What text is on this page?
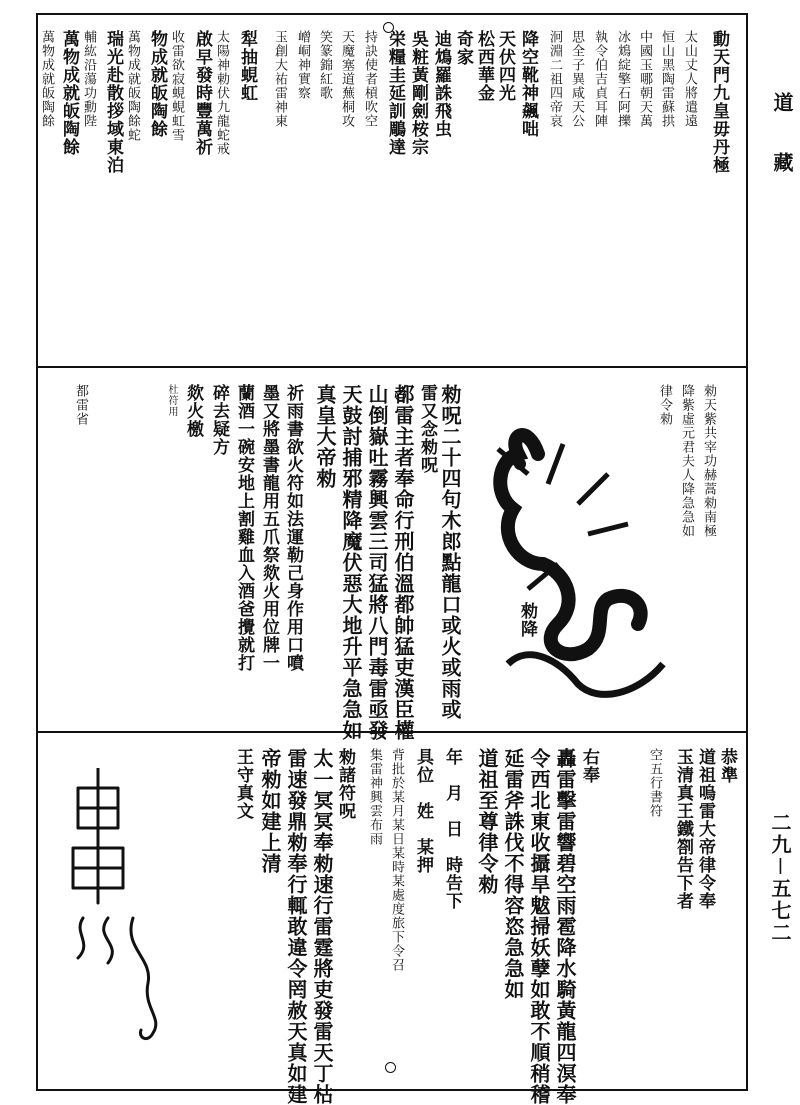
道藏
二九－五七二
動天門九皇毋丹極
太山丈人將遣遠
恒山黑陶雷蘇拱
中國玉哪朝天萬
冰鴆綻擎石阿擽
執令伯吉貞耳陣
思全子異咸天公
泂淵二祖四帝哀
降空靴神飆咄
天伏四光
松西華金
奇家
迪鴆羅誅飛虫
吳粧黃剛劍桉宗
栄糧圭延訓鵰達
持訣使者槓吹空
天魔塞道蕪桐攻
笑篆錦紅歌
嶒峒神實察
玉創大祐雷神東
犁抽蜆虹
太陽神勅伏九龍蛇戒
啟早發時豐萬祈
收雷欲寂蜆蜆虹雪
物成就皈陶餘
萬物成就皈陶餘蛇
瑞光赴散拶域東泊
輔紘沿蕩功勳陛
萬物成就皈陶餘
萬物成就皈陶餘
勑降
勑天紫共宰功赫蒿勑南極
降紫虛元君夫人降急急如
律令勑
勑呪二十四句木郎點龍口或火或雨或
雷又念勑呪
都雷主者奉命行刑伯溫都帥猛吏漢臣權
山倒嶽吐霧興雲三司猛將八門毒雷亟發
天鼓討捕邪精降魔伏惡大地升平急急如
真皇大帝勑
祈雨書欲火符如法運勒己身作用口噴
墨又將墨書龍用五爪祭欻火用位牌一
蘭酒一碗安地上割雞血入酒爸攪就打
碎去疑方
欻火檄
杜符用
都雷省
恭準
道祖嗚雷大帝律令奉
玉清真王鐵劄告下者
空五行書符
右奉
轟雷擊雷響碧空雨雹降水騎黃龍四溟奉
令西北東收攝旱魃掃妖孽如敢不順稍稽
延雷斧誅伐不得容恣急急如
道祖至尊律令勑
年　月　日　時告下
具位　姓　某押
背批於某月某日某時某處度旅下令召
集雷神興雲布雨
勑諸符呪
太一冥冥奉勑速行雷霆將吏發雷天丁枯
雷速發鼎勑奉行輒敢違令罔赦天真如建
帝勑如建上清
王守真文
